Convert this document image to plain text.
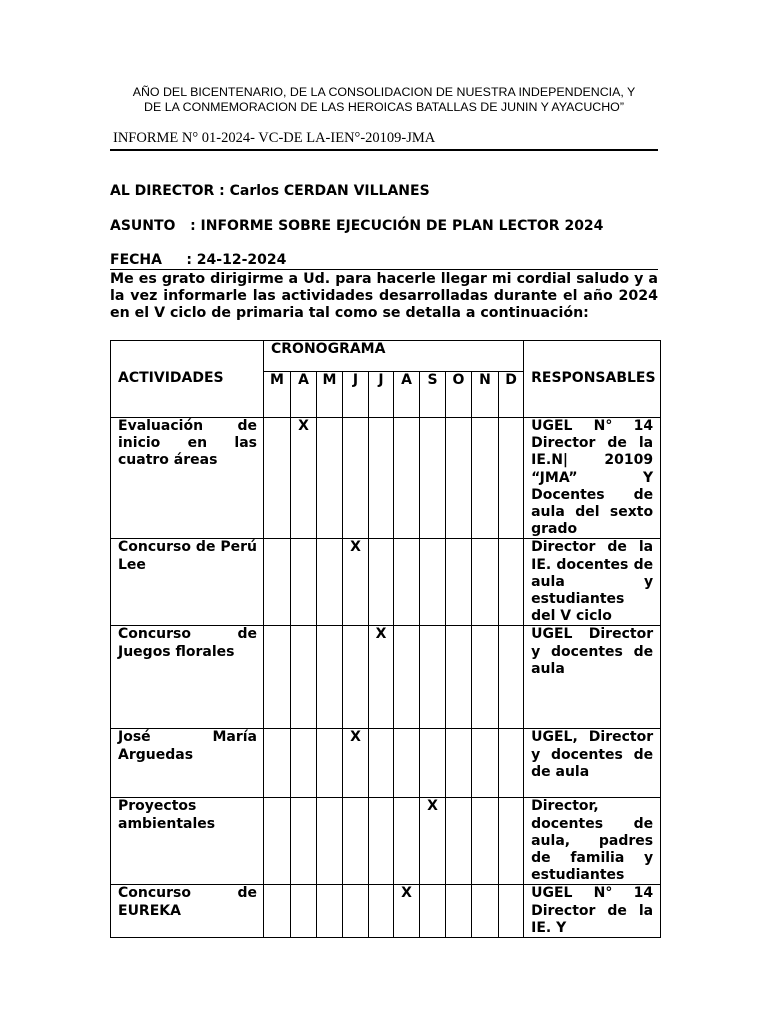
AÑO DEL BICENTENARIO, DE LA CONSOLIDACION DE NUESTRA INDEPENDENCIA, Y
DE LA CONMEMORACION DE LAS HEROICAS BATALLAS DE JUNIN Y AYACUCHO”
INFORME N° 01-2024- VC-DE LA-IEN°-20109-JMA
AL DIRECTOR : Carlos CERDAN VILLANES
ASUNTO   : INFORME SOBRE EJECUCIÓN DE PLAN LECTOR 2024
FECHA     : 24-12-2024
Me es grato dirigirme a Ud. para hacerle llegar mi cordial saludo y a la vez informarle las actividades desarrolladas durante el año 2024 en el V ciclo de primaria tal como se detalla a continuación:
ACTIVIDADES	CRONOGRAMA										RESPONSABLES
	M	A	M	J	J	A	S	O	N	D	
Evaluación de inicio en las cuatro áreas		X									UGEL N° 14 Director de la IE.N| 20109 “JMA” Y Docentes de aula del sexto grado
Concurso de Perú Lee				X							Director de la IE. docentes de aula y estudiantes del V ciclo
Concurso de Juegos florales					X						UGEL Director y docentes de aula
José María Arguedas				X							UGEL, Director y docentes de de aula
Proyectos ambientales							X				Director, docentes de aula, padres de familia y estudiantes
Concurso de EUREKA						X					UGEL N° 14 Director de la IE. Y
